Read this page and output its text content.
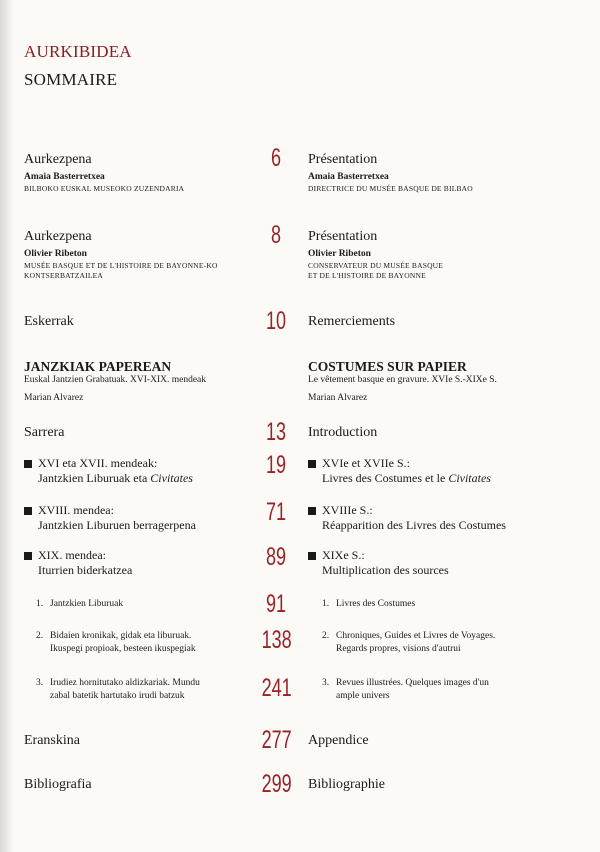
AURKIBIDEA
SOMMAIRE
Aurkezpena
Amaia Basterretxea
BILBOKO EUSKAL MUSEOKO ZUZENDARIA
6	Présentation
Amaia Basterretxea
DIRECTRICE DU MUSÉE BASQUE DE BILBAO
Aurkezpena
Olivier Ribeton
MUSÉE BASQUE ET DE L'HISTOIRE DE BAYONNE-KO
KONTSERBATZAILEA
8	Présentation
Olivier Ribeton
CONSERVATEUR DU MUSÉE BASQUE
ET DE L'HISTOIRE DE BAYONNE
Eskerrak	10	Remerciements
JANZKIAK PAPEREAN
Euskal Jantzien Grabatuak. XVI-XIX. mendeak
Marian Alvarez
COSTUMES SUR PAPIER
Le vêtement basque en gravure. XVIe S.-XIXe S.
Marian Alvarez
Sarrera	13	Introduction
XVI eta XVII. mendeak:
Jantzkien Liburuak eta Civitates	19	XVIe et XVIIe S.:
Livres des Costumes et le Civitates
XVIII. mendea:
Jantzkien Liburuen berragerpena	71	XVIIIe S.:
Réapparition des Livres des Costumes
XIX. mendea:
Iturrien biderkatzea	89	XIXe S.:
Multiplication des sources
1. Jantzkien Liburuak	91	1. Livres des Costumes
2. Bidaien kronikak, gidak eta liburuak.
Ikuspegi propioak, besteen ikuspegiak	138	2. Chroniques, Guides et Livres de Voyages.
Regards propres, visions d'autrui
3. Irudiez hornitutako aldizkariak. Mundu
zabal batetik hartutako irudi batzuk	241	3. Revues illustrées. Quelques images d'un
ample univers
Eranskina	277 Appendice
Bibliografia	299 Bibliographie
